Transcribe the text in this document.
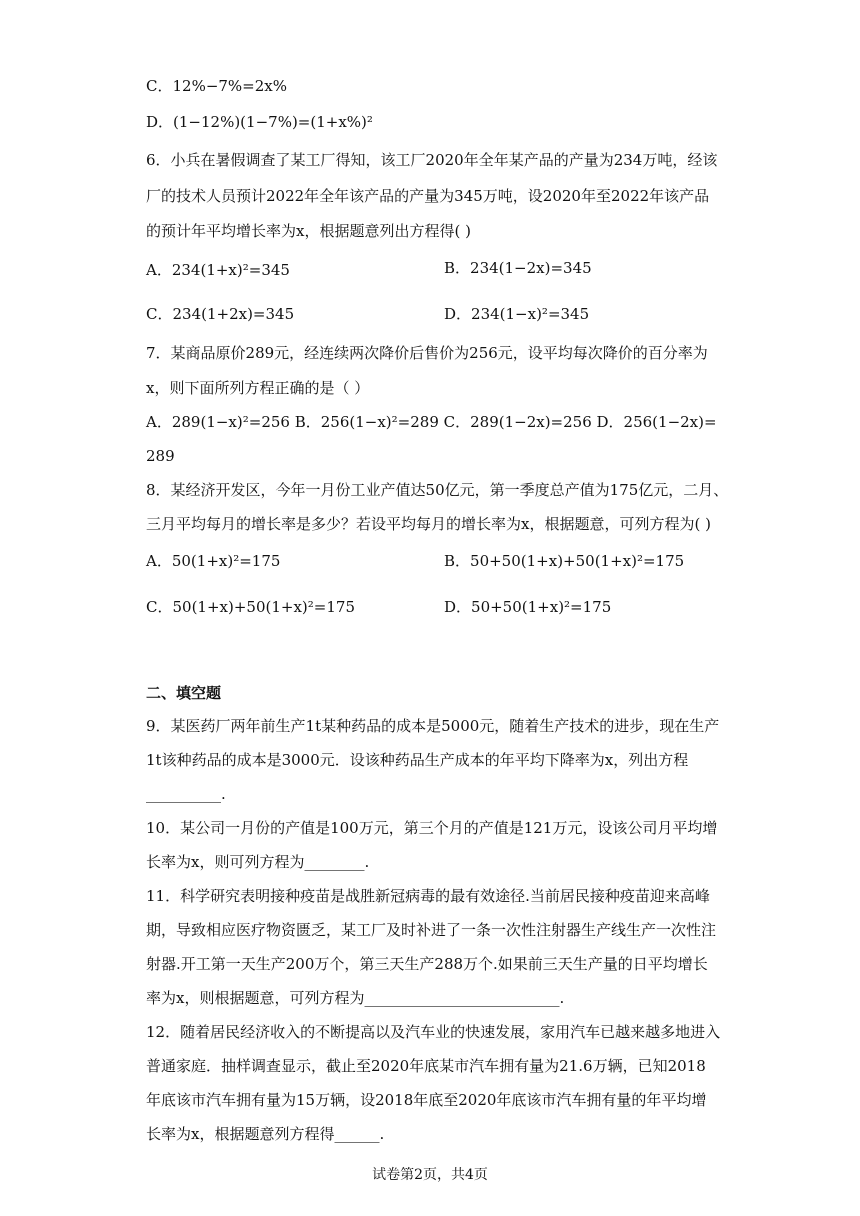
C．12%−7%=2x%
D．(1−12%)(1−7%)=(1+x%)²
6．小兵在暑假调查了某工厂得知，该工厂2020年全年某产品的产量为234万吨，经该
厂的技术人员预计2022年全年该产品的产量为345万吨，设2020年至2022年该产品
的预计年平均增长率为x，根据题意列出方程得( )
A．234(1+x)²=345	B．234(1−2x)=345
C．234(1+2x)=345	D．234(1−x)²=345
7．某商品原价289元，经连续两次降价后售价为256元，设平均每次降价的百分率为
x，则下面所列方程正确的是（ ）
A．289(1−x)²=256 B．256(1−x)²=289 C．289(1−2x)=256 D．256(1−2x)=
289
8．某经济开发区，今年一月份工业产值达50亿元，第一季度总产值为175亿元，二月、
三月平均每月的增长率是多少？若设平均每月的增长率为x，根据题意，可列方程为( )
A．50(1+x)²=175	B．50+50(1+x)+50(1+x)²=175
C．50(1+x)+50(1+x)²=175	D．50+50(1+x)²=175
二、填空题
9．某医药厂两年前生产1t某种药品的成本是5000元，随着生产技术的进步，现在生产
1t该种药品的成本是3000元．设该种药品生产成本的年平均下降率为x，列出方程
__________.
10．某公司一月份的产值是100万元，第三个月的产值是121万元，设该公司月平均增
长率为x，则可列方程为________.
11．科学研究表明接种疫苗是战胜新冠病毒的最有效途径.当前居民接种疫苗迎来高峰
期，导致相应医疗物资匮乏，某工厂及时补进了一条一次性注射器生产线生产一次性注
射器.开工第一天生产200万个，第三天生产288万个.如果前三天生产量的日平均增长
率为x，则根据题意，可列方程为__________________________.
12．随着居民经济收入的不断提高以及汽车业的快速发展，家用汽车已越来越多地进入
普通家庭．抽样调查显示，截止至2020年底某市汽车拥有量为21.6万辆，已知2018
年底该市汽车拥有量为15万辆，设2018年底至2020年底该市汽车拥有量的年平均增
长率为x，根据题意列方程得______.
试卷第2页，共4页
